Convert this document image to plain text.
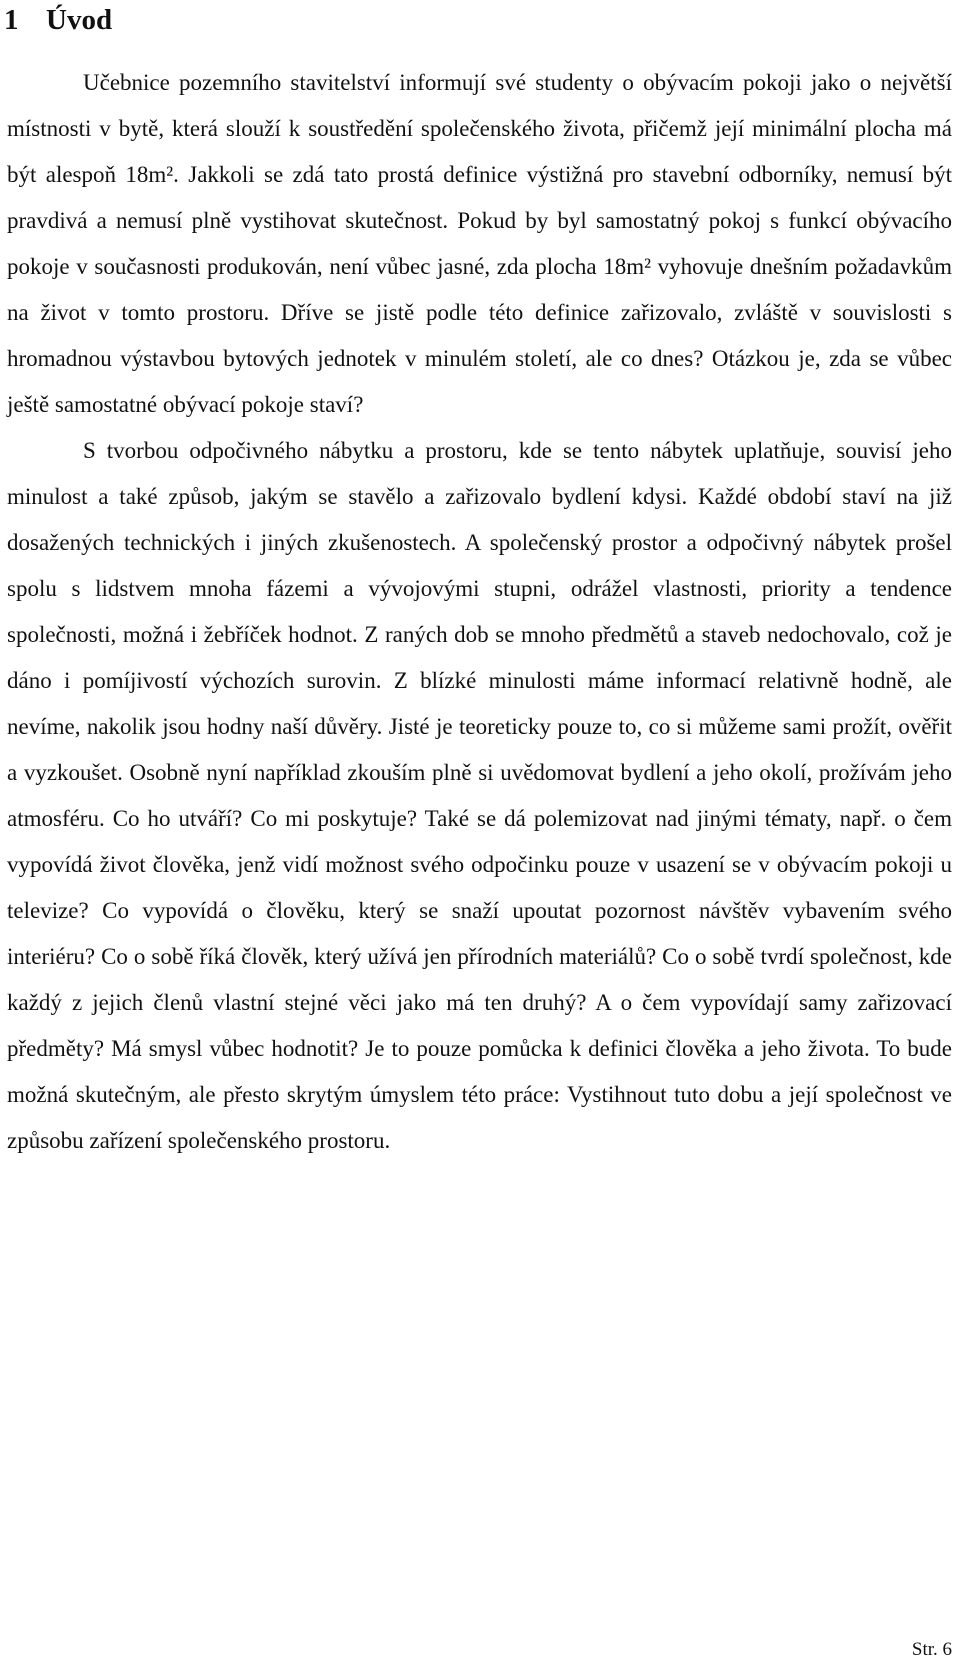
1 Úvod

Učebnice pozemního stavitelství informují své studenty o obývacím pokoji jako o největší místnosti v bytě, která slouží k soustředění společenského života, přičemž její minimální plocha má být alespoň 18m². Jakkoli se zdá tato prostá definice výstižná pro stavební odborníky, nemusí být pravdivá a nemusí plně vystihovat skutečnost. Pokud by byl samostatný pokoj s funkcí obývacího pokoje v současnosti produkován, není vůbec jasné, zda plocha 18m² vyhovuje dnešním požadavkům na život v tomto prostoru. Dříve se jistě podle této definice zařizovalo, zvláště v souvislosti s hromadnou výstavbou bytových jednotek v minulém století, ale co dnes? Otázkou je, zda se vůbec ještě samostatné obývací pokoje staví?

S tvorbou odpočivného nábytku a prostoru, kde se tento nábytek uplatňuje, souvisí jeho minulost a také způsob, jakým se stavělo a zařizovalo bydlení kdysi. Každé období staví na již dosažených technických i jiných zkušenostech. A společenský prostor a odpočivný nábytek prošel spolu s lidstvem mnoha fázemi a vývojovými stupni, odrážel vlastnosti, priority a tendence společnosti, možná i žebříček hodnot. Z raných dob se mnoho předmětů a staveb nedochovalo, což je dáno i pomíjivostí výchozích surovin. Z blízké minulosti máme informací relativně hodně, ale nevíme, nakolik jsou hodny naší důvěry. Jisté je teoreticky pouze to, co si můžeme sami prožít, ověřit a vyzkoušet. Osobně nyní například zkouším plně si uvědomovat bydlení a jeho okolí, prožívám jeho atmosféru. Co ho utváří? Co mi poskytuje? Také se dá polemizovat nad jinými tématy, např. o čem vypovídá život člověka, jenž vidí možnost svého odpočinku pouze v usazení se v obývacím pokoji u televize? Co vypovídá o člověku, který se snaží upoutat pozornost návštěv vybavením svého interiéru? Co o sobě říká člověk, který užívá jen přírodních materiálů? Co o sobě tvrdí společnost, kde každý z jejich členů vlastní stejné věci jako má ten druhý? A o čem vypovídají samy zařizovací předměty? Má smysl vůbec hodnotit? Je to pouze pomůcka k definici člověka a jeho života. To bude možná skutečným, ale přesto skrytým úmyslem této práce: Vystihnout tuto dobu a její společnost ve způsobu zařízení společenského prostoru.

Str. 6
